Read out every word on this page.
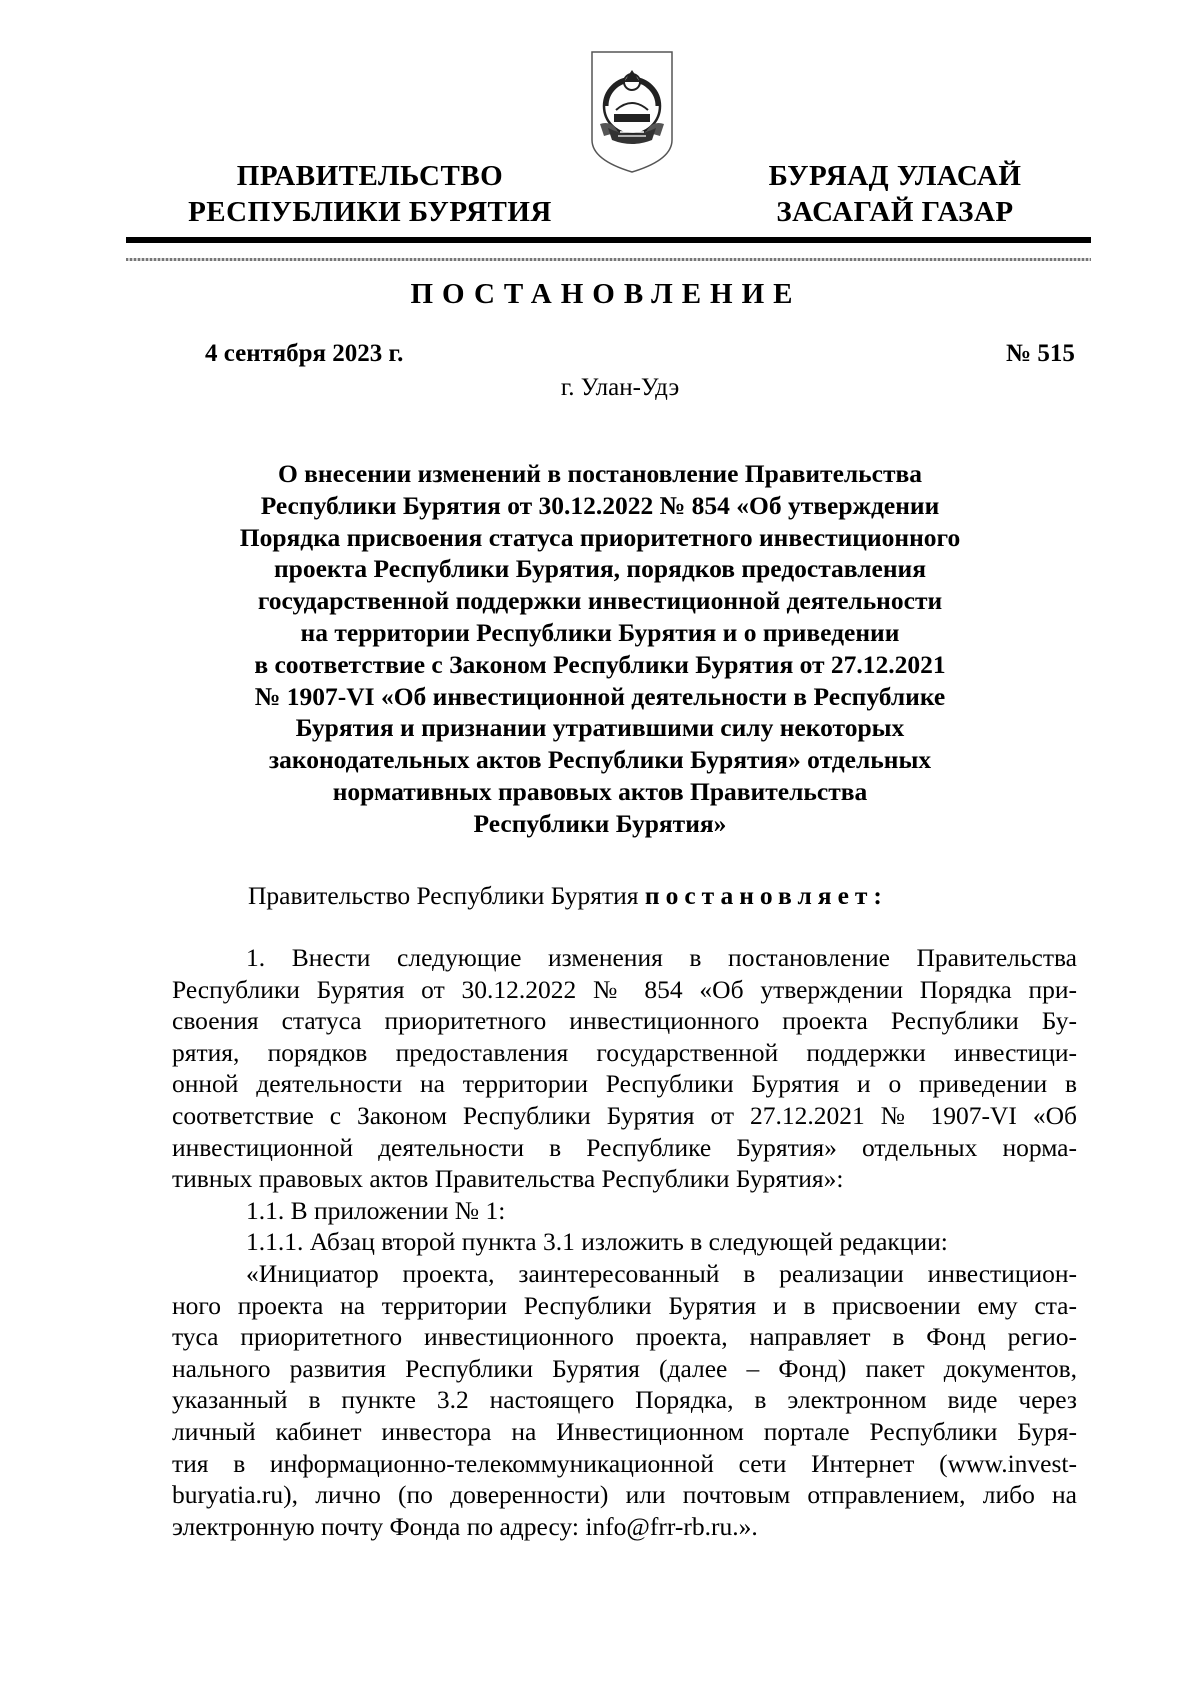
ПРАВИТЕЛЬСТВО
РЕСПУБЛИКИ БУРЯТИЯ
БУРЯАД УЛАСАЙ
ЗАСАГАЙ ГАЗАР
ПОСТАНОВЛЕНИЕ
4 сентября 2023 г.	№ 515
г. Улан-Удэ
О внесении изменений в постановление Правительства
Республики Бурятия от 30.12.2022 № 854 «Об утверждении
Порядка присвоения статуса приоритетного инвестиционного
проекта Республики Бурятия, порядков предоставления
государственной поддержки инвестиционной деятельности
на территории Республики Бурятия и о приведении
в соответствие с Законом Республики Бурятия от 27.12.2021
№ 1907-VI «Об инвестиционной деятельности в Республике
Бурятия и признании утратившими силу некоторых
законодательных актов Республики Бурятия» отдельных
нормативных правовых актов Правительства
Республики Бурятия»
Правительство Республики Бурятия постановляет:
1. Внести следующие изменения в постановление Правительства
Республики Бурятия от 30.12.2022 № 854 «Об утверждении Порядка при-
своения статуса приоритетного инвестиционного проекта Республики Бу-
рятия, порядков предоставления государственной поддержки инвестици-
онной деятельности на территории Республики Бурятия и о приведении в
соответствие с Законом Республики Бурятия от 27.12.2021 № 1907-VI «Об
инвестиционной деятельности в Республике Бурятия» отдельных норма-
тивных правовых актов Правительства Республики Бурятия»:
1.1. В приложении № 1:
1.1.1. Абзац второй пункта 3.1 изложить в следующей редакции:
«Инициатор проекта, заинтересованный в реализации инвестицион-
ного проекта на территории Республики Бурятия и в присвоении ему ста-
туса приоритетного инвестиционного проекта, направляет в Фонд регио-
нального развития Республики Бурятия (далее – Фонд) пакет документов,
указанный в пункте 3.2 настоящего Порядка, в электронном виде через
личный кабинет инвестора на Инвестиционном портале Республики Буря-
тия в информационно-телекоммуникационной сети Интернет (www.invest-
buryatia.ru), лично (по доверенности) или почтовым отправлением, либо на
электронную почту Фонда по адресу: info@frr-rb.ru.».
